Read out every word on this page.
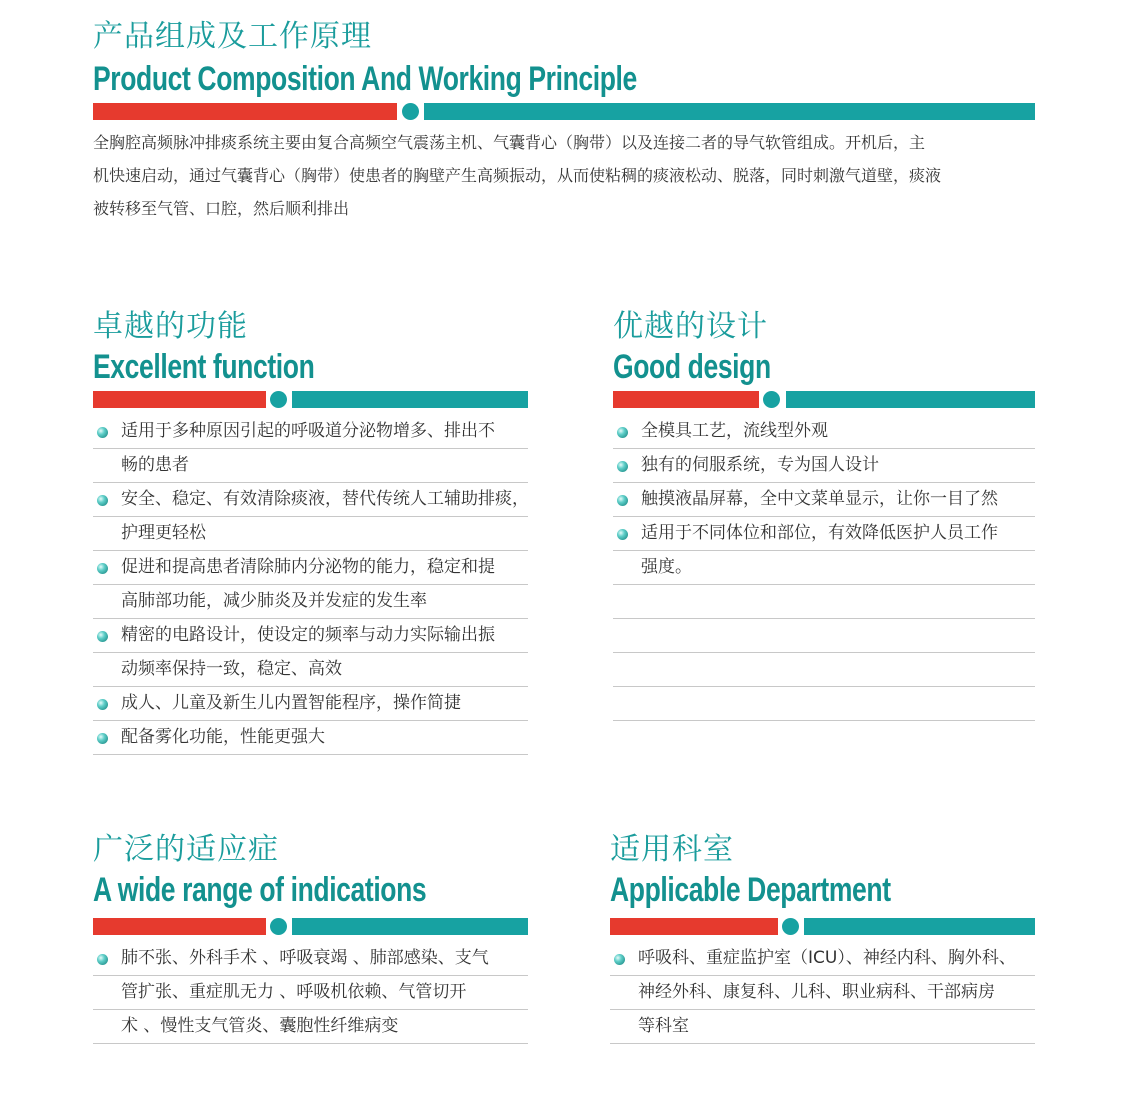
产品组成及工作原理
Product Composition And Working Principle
全胸腔高频脉冲排痰系统主要由复合高频空气震荡主机、气囊背心（胸带）以及连接二者的导气软管组成。开机后，主
机快速启动，通过气囊背心（胸带）使患者的胸壁产生高频振动，从而使粘稠的痰液松动、脱落，同时刺激气道壁，痰液
被转移至气管、口腔，然后顺利排出
卓越的功能
Excellent function
适用于多种原因引起的呼吸道分泌物增多、排出不
畅的患者
安全、稳定、有效清除痰液，替代传统人工辅助排痰，
护理更轻松
促进和提高患者清除肺内分泌物的能力，稳定和提
高肺部功能，减少肺炎及并发症的发生率
精密的电路设计，使设定的频率与动力实际输出振
动频率保持一致，稳定、高效
成人、儿童及新生儿内置智能程序，操作简捷
配备雾化功能，性能更强大
优越的设计
Good design
全模具工艺，流线型外观
独有的伺服系统，专为国人设计
触摸液晶屏幕，全中文菜单显示，让你一目了然
适用于不同体位和部位，有效降低医护人员工作
强度。
广泛的适应症
A wide range of indications
肺不张、外科手术 、呼吸衰竭 、肺部感染、支气
管扩张、重症肌无力 、呼吸机依赖、气管切开
术 、慢性支气管炎、囊胞性纤维病变
适用科室
Applicable Department
呼吸科、重症监护室（ICU）、神经内科、胸外科、
神经外科、康复科、儿科、职业病科、干部病房
等科室
